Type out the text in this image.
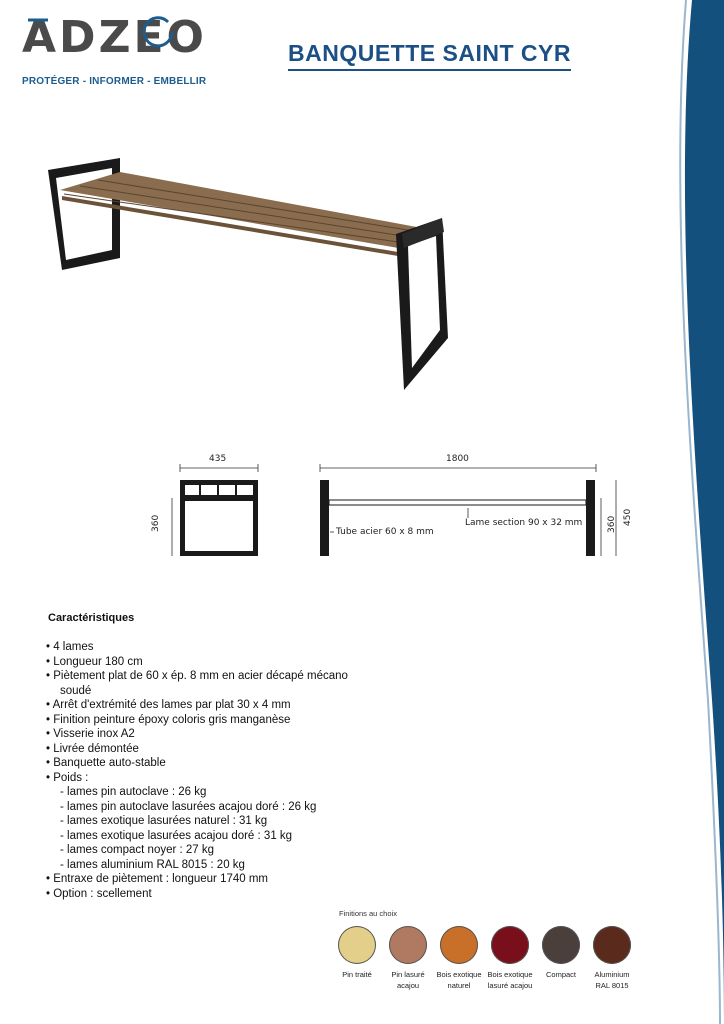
ADZEO
PROTÉGER - INFORMER - EMBELLIR
BANQUETTE SAINT CYR
435
360
1800
Tube acier 60 x 8 mm
Lame section 90 x 32 mm	360 450
Caractéristiques
• 4 lames
• Longueur 180 cm
• Piètement plat de 60 x ép. 8 mm en acier décapé mécano
soudé
• Arrêt d'extrémité des lames par plat 30 x 4 mm
• Finition peinture époxy coloris gris manganèse
• Visserie inox A2
• Livrée démontée
• Banquette auto-stable
• Poids :
- lames pin autoclave : 26 kg
- lames pin autoclave lasurées acajou doré : 26 kg
- lames exotique lasurées naturel : 31 kg
- lames exotique lasurées acajou doré : 31 kg
- lames compact noyer : 27 kg
- lames aluminium RAL 8015 : 20 kg
• Entraxe de piètement : longueur 1740 mm
• Option : scellement
Finitions au choix
Pin traité	Pin lasuré
acajou
Bois exotique
naturel
Bois exotique
lasuré acajou
Compact	Aluminium
RAL 8015
